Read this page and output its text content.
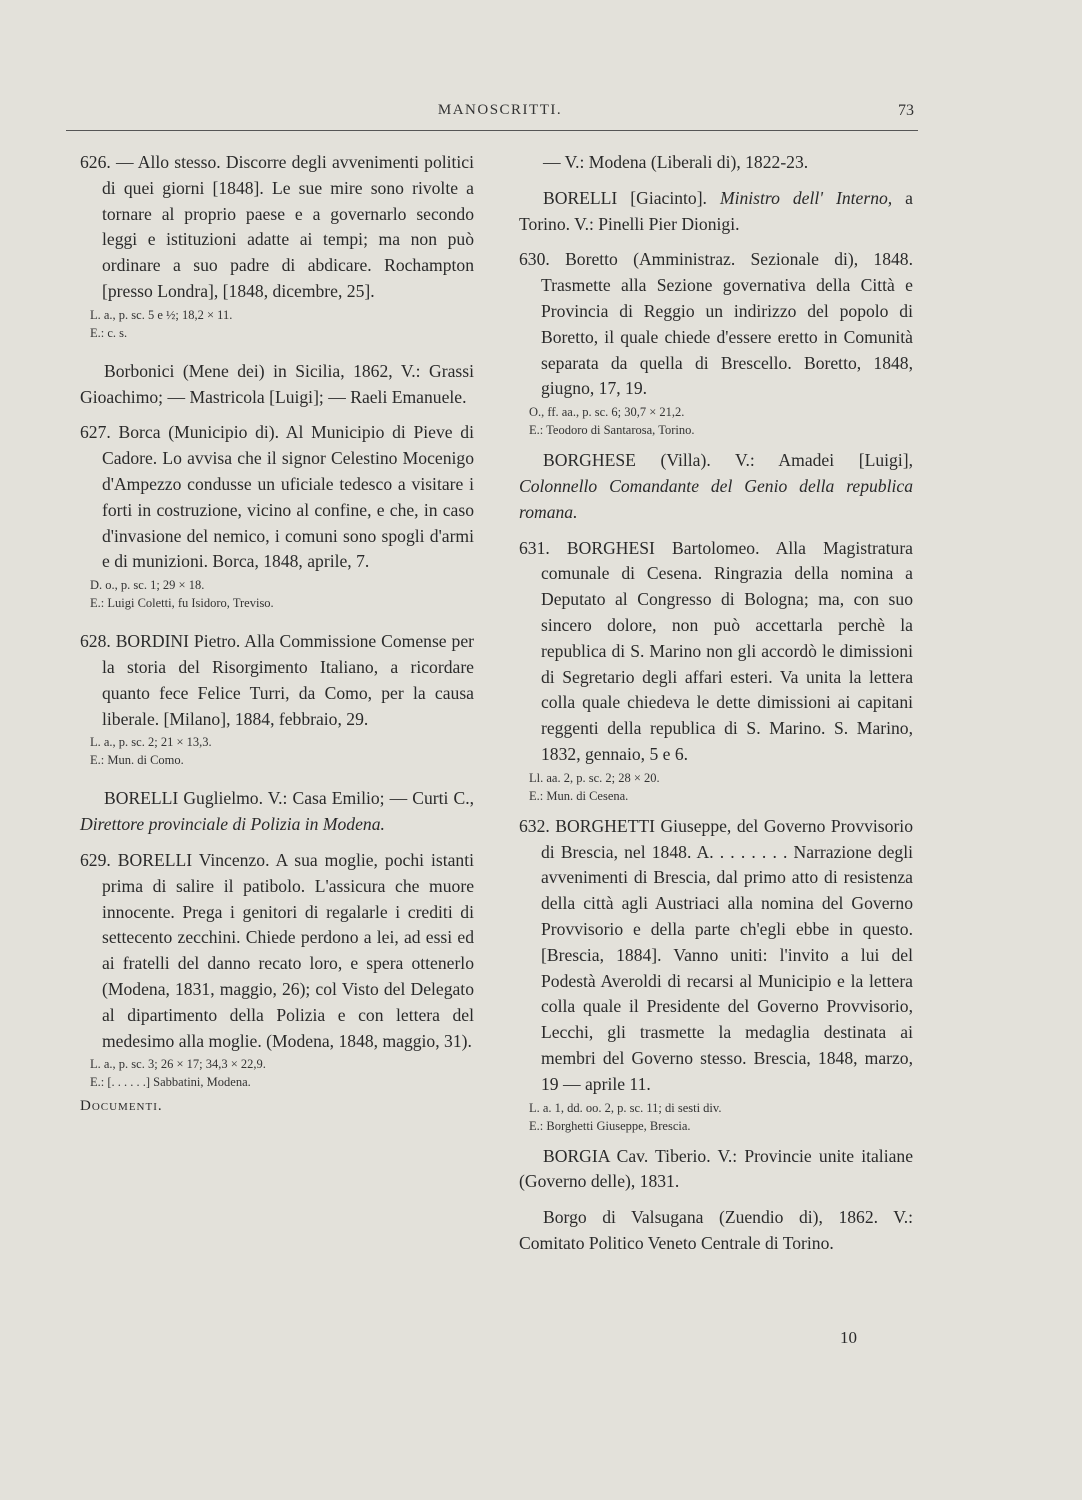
MANOSCRITTI.	73
626. — Allo stesso. Discorre degli avvenimenti politici di quei giorni [1848]. Le sue mire sono rivolte a tornare al proprio paese e a governarlo secondo leggi e istituzioni adatte ai tempi; ma non può ordinare a suo padre di abdicare. Rochampton [presso Londra], [1848, dicembre, 25].
L. a., p. sc. 5 e ½; 18,2 × 11.
E.: c. s.
Borbonici (Mene dei) in Sicilia, 1862, V.: Grassi Gioachimo; — Mastricola [Luigi]; — Raeli Emanuele.
627. Borca (Municipio di). Al Municipio di Pieve di Cadore. Lo avvisa che il signor Celestino Mocenigo d'Ampezzo condusse un uficiale tedesco a visitare i forti in costruzione, vicino al confine, e che, in caso d'invasione del nemico, i comuni sono spogli d'armi e di munizioni. Borca, 1848, aprile, 7.
D. o., p. sc. 1; 29 × 18.
E.: Luigi Coletti, fu Isidoro, Treviso.
628. BORDINI Pietro. Alla Commissione Comense per la storia del Risorgimento Italiano, a ricordare quanto fece Felice Turri, da Como, per la causa liberale. [Milano], 1884, febbraio, 29.
L. a., p. sc. 2; 21 × 13,3.
E.: Mun. di Como.
BORELLI Guglielmo. V.: Casa Emilio; — Curti C., Direttore provinciale di Polizia in Modena.
629. BORELLI Vincenzo. A sua moglie, pochi istanti prima di salire il patibolo. L'assicura che muore innocente. Prega i genitori di regalarle i crediti di settecento zecchini. Chiede perdono a lei, ad essi ed ai fratelli del danno recato loro, e spera ottenerlo (Modena, 1831, maggio, 26); col Visto del Delegato al dipartimento della Polizia e con lettera del medesimo alla moglie. (Modena, 1848, maggio, 31).
L. a., p. sc. 3; 26 × 17; 34,3 × 22,9.
E.: [. . . . . .] Sabbatini, Modena.
Documenti.
— V.: Modena (Liberali di), 1822-23.
BORELLI [Giacinto]. Ministro dell' Interno, a Torino. V.: Pinelli Pier Dionigi.
630. Boretto (Amministraz. Sezionale di), 1848. Trasmette alla Sezione governativa della Città e Provincia di Reggio un indirizzo del popolo di Boretto, il quale chiede d'essere eretto in Comunità separata da quella di Brescello. Boretto, 1848, giugno, 17, 19.
O., ff. aa., p. sc. 6; 30,7 × 21,2.
E.: Teodoro di Santarosa, Torino.
BORGHESE (Villa). V.: Amadei [Luigi], Colonnello Comandante del Genio della republica romana.
631. BORGHESI Bartolomeo. Alla Magistratura comunale di Cesena. Ringrazia della nomina a Deputato al Congresso di Bologna; ma, con suo sincero dolore, non può accettarla perchè la republica di S. Marino non gli accordò le dimissioni di Segretario degli affari esteri. Va unita la lettera colla quale chiedeva le dette dimissioni ai capitani reggenti della republica di S. Marino. S. Marino, 1832, gennaio, 5 e 6.
Ll. aa. 2, p. sc. 2; 28 × 20.
E.: Mun. di Cesena.
632. BORGHETTI Giuseppe, del Governo Provvisorio di Brescia, nel 1848. A. . . . . . . . Narrazione degli avvenimenti di Brescia, dal primo atto di resistenza della città agli Austriaci alla nomina del Governo Provvisorio e della parte ch'egli ebbe in questo. [Brescia, 1884]. Vanno uniti: l'invito a lui del Podestà Averoldi di recarsi al Municipio e la lettera colla quale il Presidente del Governo Provvisorio, Lecchi, gli trasmette la medaglia destinata ai membri del Governo stesso. Brescia, 1848, marzo, 19 — aprile 11.
L. a. 1, dd. oo. 2, p. sc. 11; di sesti div.
E.: Borghetti Giuseppe, Brescia.
BORGIA Cav. Tiberio. V.: Provincie unite italiane (Governo delle), 1831.
Borgo di Valsugana (Zuendio di), 1862. V.: Comitato Politico Veneto Centrale di Torino.
10
